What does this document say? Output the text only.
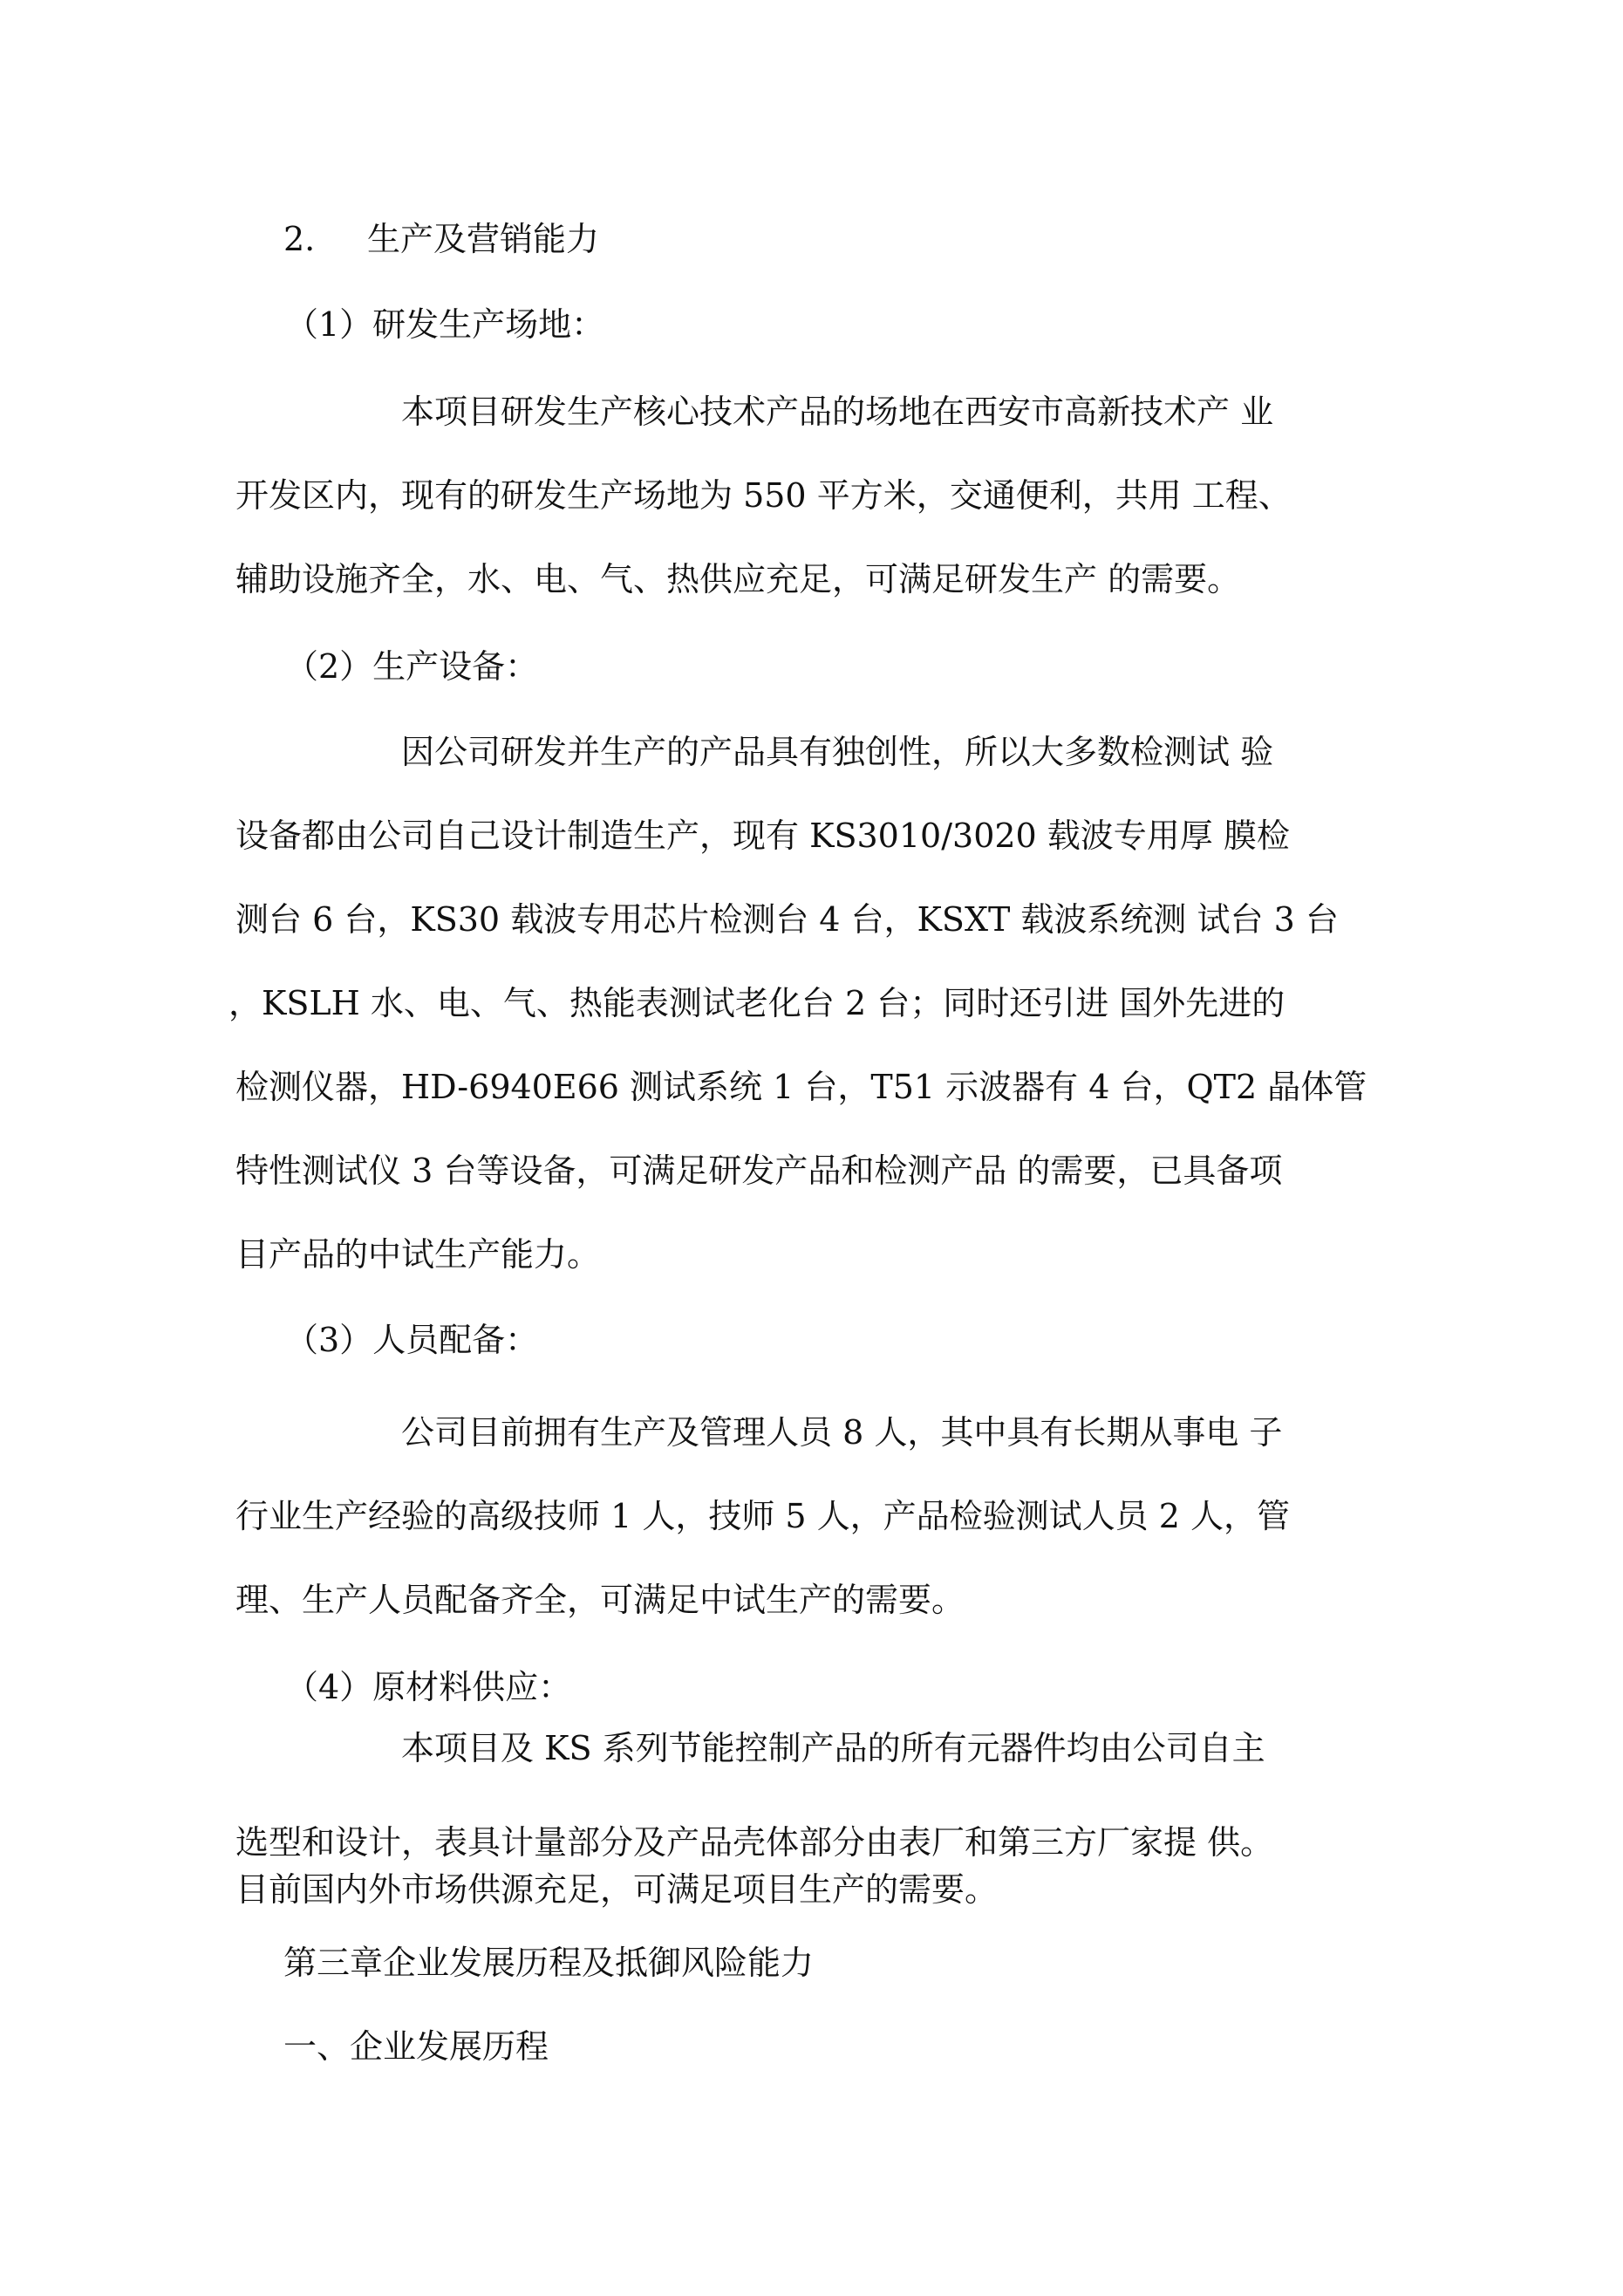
2. 生产及营销能力

（1）研发生产场地：

本项目研发生产核心技术产品的场地在西安市高新技术产 业

开发区内，现有的研发生产场地为 550 平方米，交通便利，共用 工程、

辅助设施齐全，水、电、气、热供应充足，可满足研发生产 的需要。

（2）生产设备：

因公司研发并生产的产品具有独创性，所以大多数检测试 验

设备都由公司自己设计制造生产，现有 KS3010/3020 载波专用厚 膜检

测台 6 台，KS30 载波专用芯片检测台 4 台，KSXT 载波系统测 试台 3 台

，KSLH 水、电、气、热能表测试老化台 2 台；同时还引进 国外先进的

检测仪器，HD-6940E66 测试系统 1 台，T51 示波器有 4 台，QT2 晶体管

特性测试仪 3 台等设备，可满足研发产品和检测产品 的需要，已具备项

目产品的中试生产能力。

（3）人员配备：

公司目前拥有生产及管理人员 8 人，其中具有长期从事电 子

行业生产经验的高级技师 1 人，技师 5 人，产品检验测试人员 2 人，管

理、生产人员配备齐全，可满足中试生产的需要。

（4）原材料供应：

本项目及 KS 系列节能控制产品的所有元器件均由公司自主

选型和设计，表具计量部分及产品壳体部分由表厂和第三方厂家提 供。

目前国内外市场供源充足，可满足项目生产的需要。

第三章企业发展历程及抵御风险能力

一、企业发展历程
